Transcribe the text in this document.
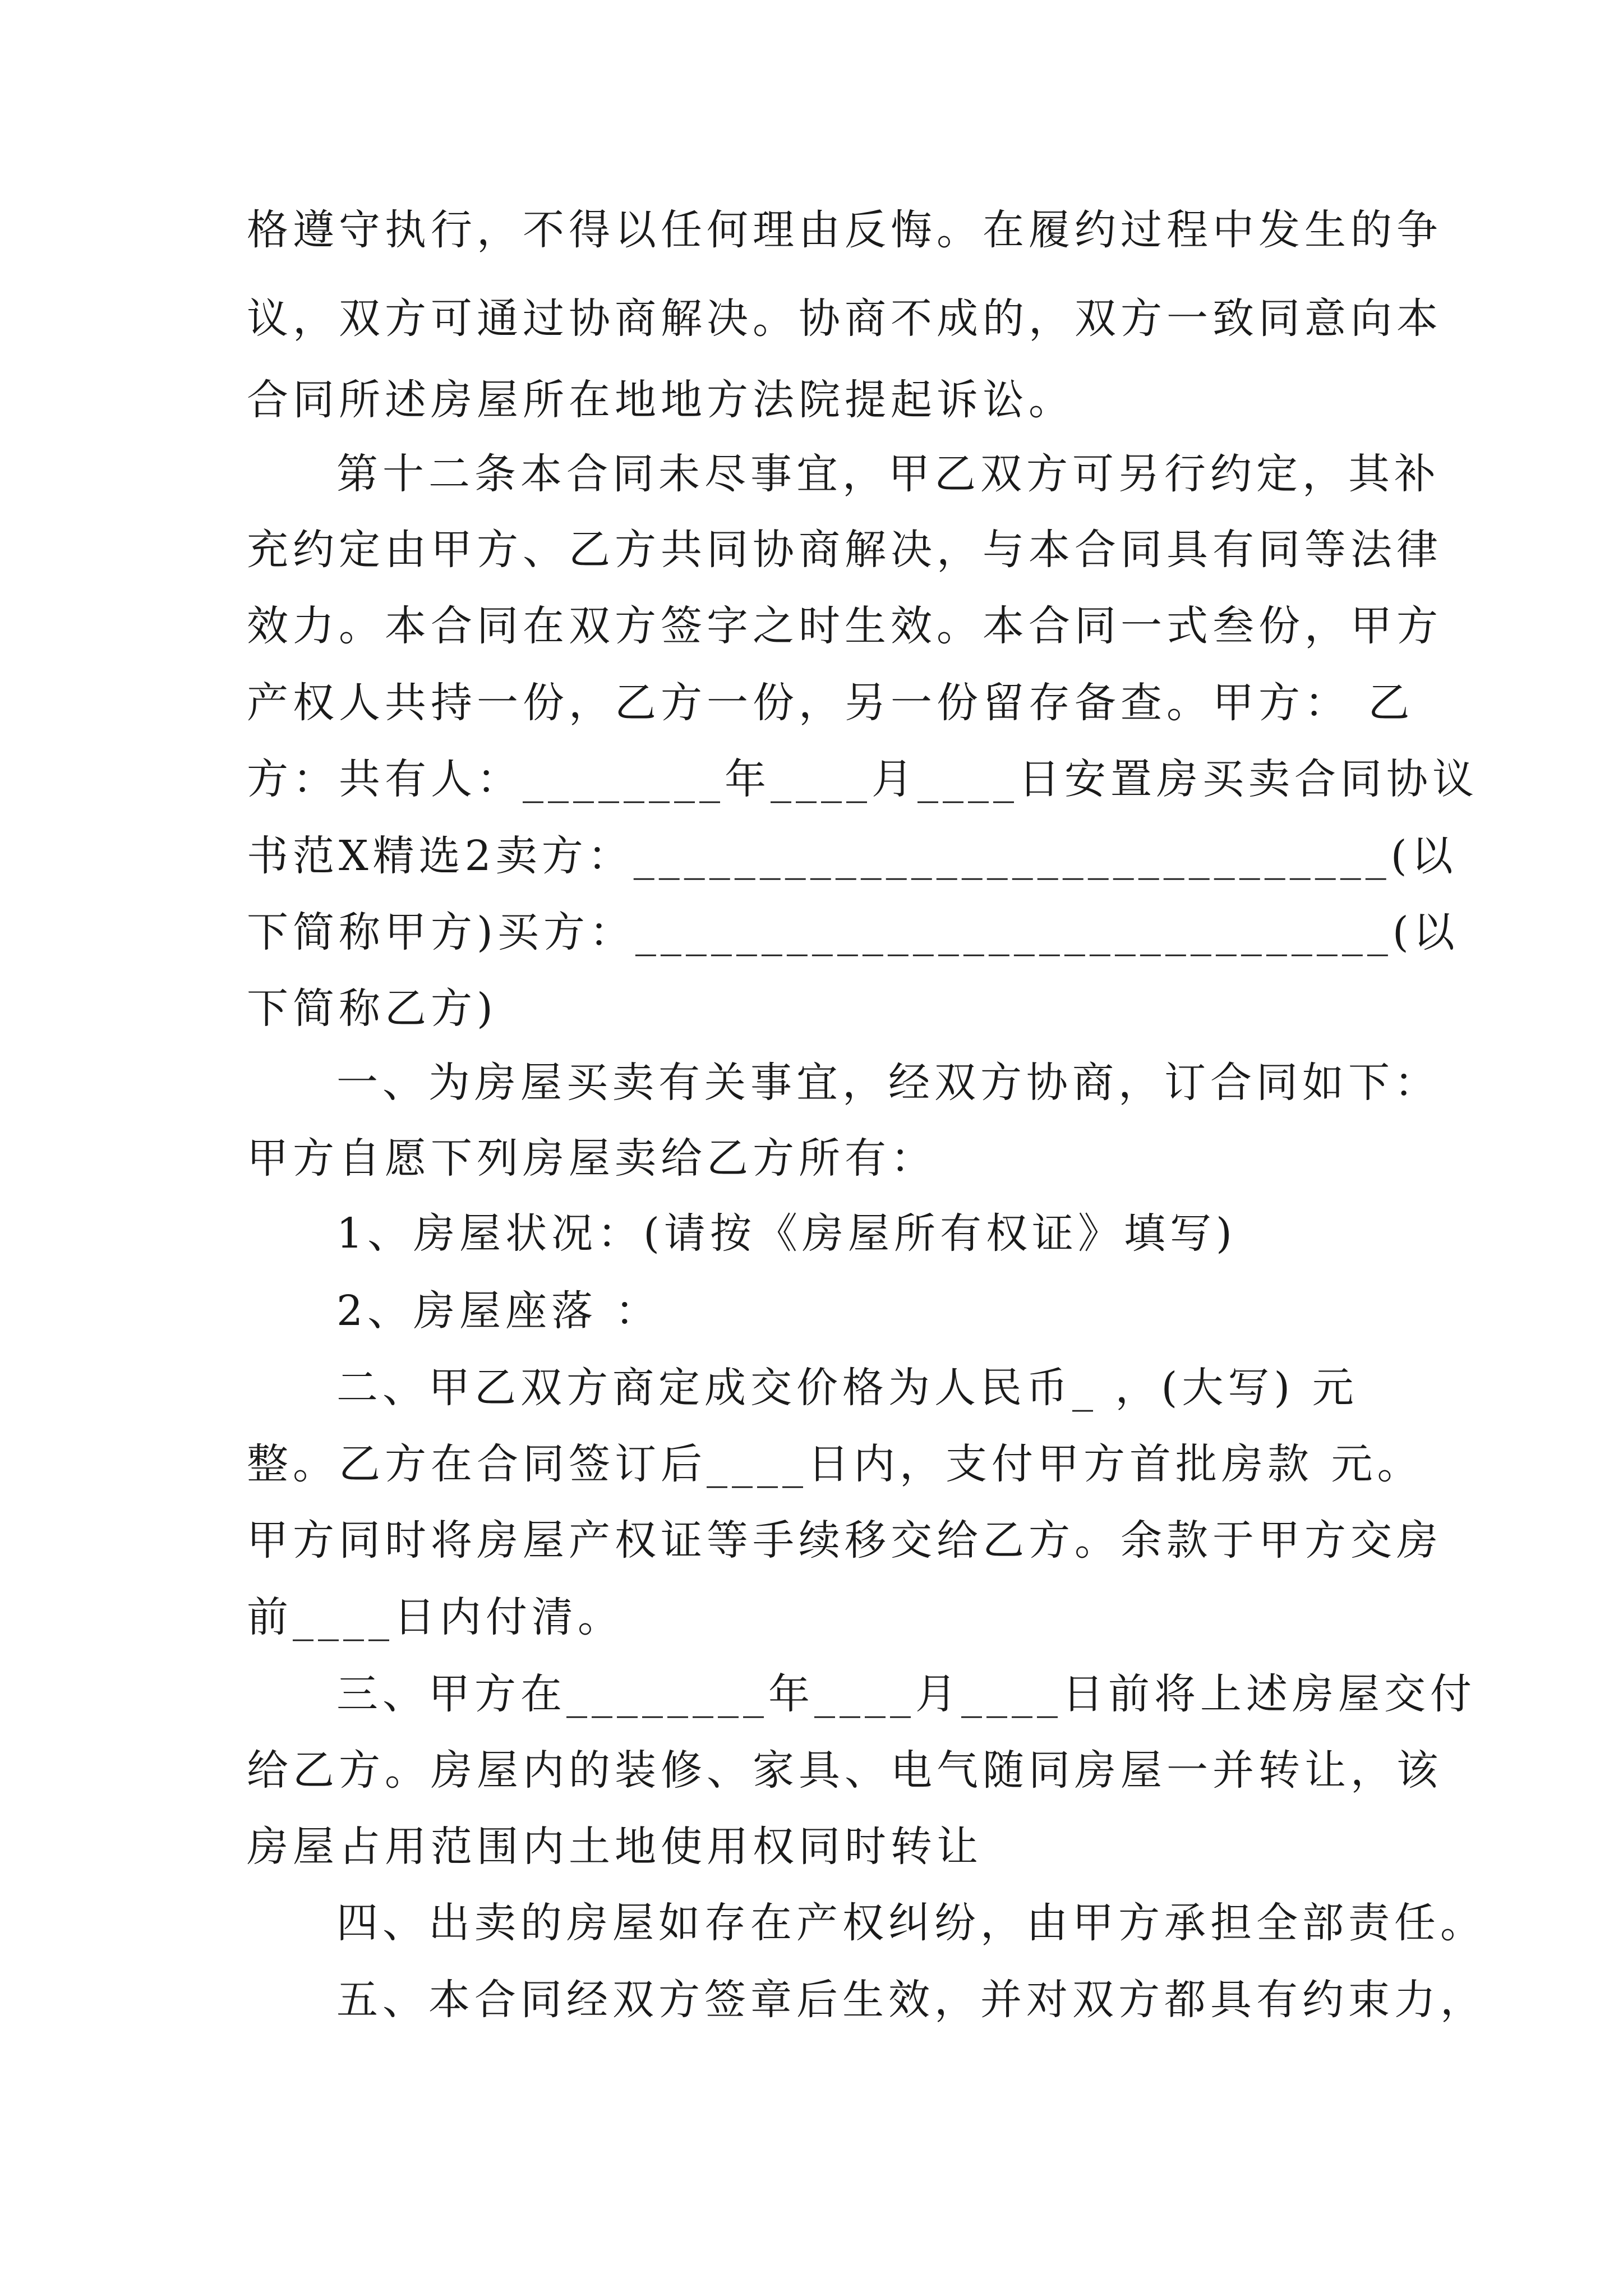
格遵守执行，不得以任何理由反悔。在履约过程中发生的争
议，双方可通过协商解决。协商不成的，双方一致同意向本
合同所述房屋所在地地方法院提起诉讼。
第十二条本合同未尽事宜，甲乙双方可另行约定，其补
充约定由甲方、乙方共同协商解决，与本合同具有同等法律
效力。本合同在双方签字之时生效。本合同一式叁份，甲方
产权人共持一份，乙方一份，另一份留存备查。甲方： 乙
方：共有人：________年____月____日安置房买卖合同协议
书范X精选2卖方：______________________________(以
下简称甲方)买方：______________________________(以
下简称乙方)
一、为房屋买卖有关事宜，经双方协商，订合同如下：
甲方自愿下列房屋卖给乙方所有：
1、房屋状况：(请按《房屋所有权证》填写)
2、房屋座落 ：
二、甲乙双方商定成交价格为人民币_ ，(大写) 元
整。乙方在合同签订后____日内，支付甲方首批房款 元。
甲方同时将房屋产权证等手续移交给乙方。余款于甲方交房
前____日内付清。
三、甲方在________年____月____日前将上述房屋交付
给乙方。房屋内的装修、家具、电气随同房屋一并转让，该
房屋占用范围内土地使用权同时转让
四、出卖的房屋如存在产权纠纷，由甲方承担全部责任。
五、本合同经双方签章后生效，并对双方都具有约束力，
